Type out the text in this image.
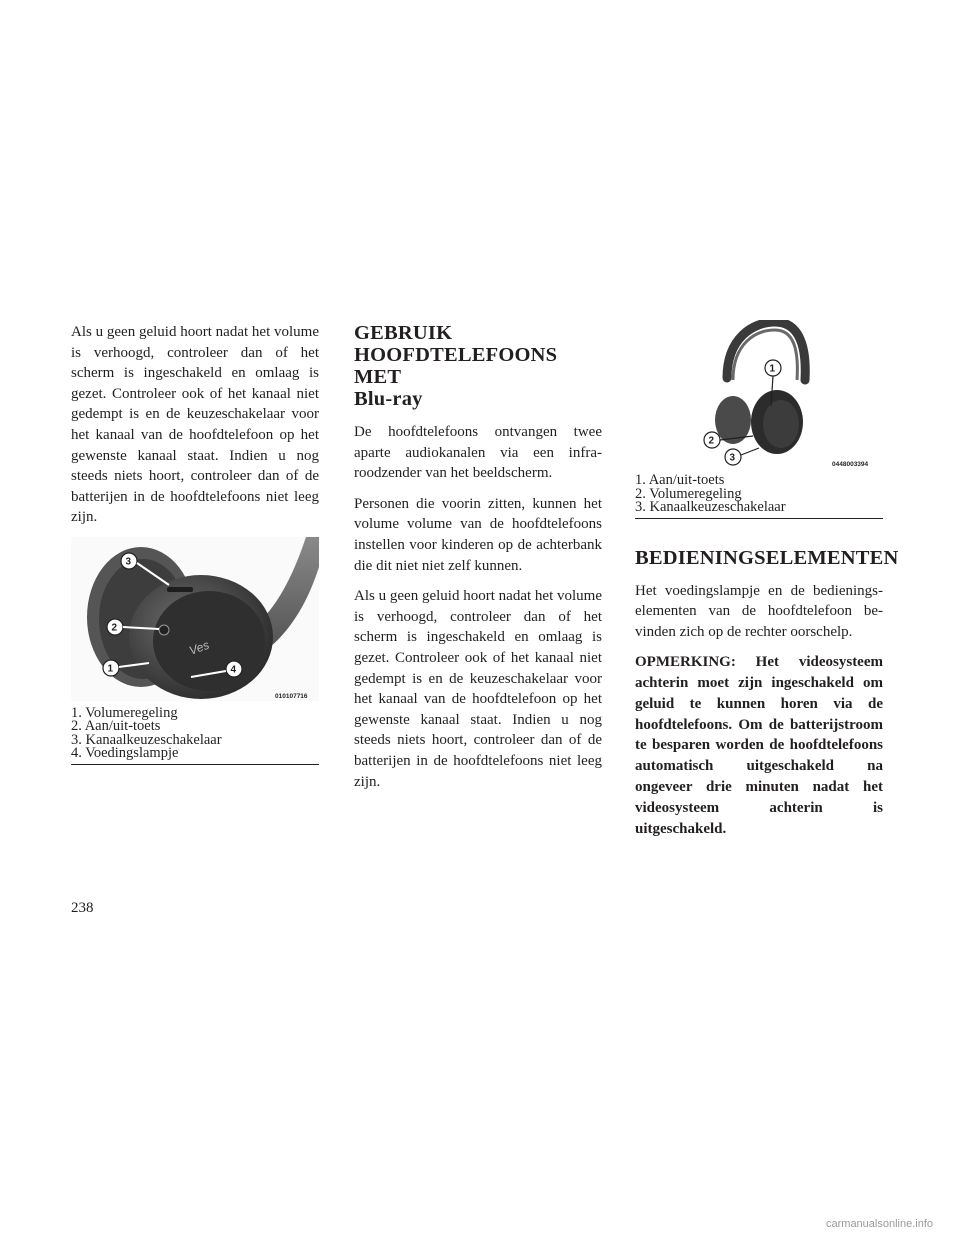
Als u geen geluid hoort nadat het volume is verhoogd, controleer dan of het scherm is ingeschakeld en omlaag is gezet. Controleer ook of het kanaal niet gedempt is en de keuzeschakelaar voor het kanaal van de hoofdtelefoon op het gewenste kanaal staat. Indien u nog steeds niets hoort, controleer dan of de batterijen in de hoofdtelefoons niet leeg zijn.

Ves
3
2
1	4
010107716
1. Volumeregeling
2. Aan/uit-toets
3. Kanaalkeuzeschakelaar
4. Voedingslampje
GEBRUIK
HOOFDTELEFOONS MET
Blu-ray

De hoofdtelefoons ontvangen twee aparte audiokanalen via een infraroodzender van het beeldscherm.

Personen die voorin zitten, kunnen het volume volume van de hoofdtelefoons instellen voor kinderen op de achterbank die dit niet niet zelf kunnen.

Als u geen geluid hoort nadat het volume is verhoogd, controleer dan of het scherm is ingeschakeld en omlaag is gezet. Controleer ook of het kanaal niet gedempt is en de keuzeschakelaar voor het kanaal van de hoofdtelefoon op het gewenste kanaal staat. Indien u nog steeds niets hoort, controleer dan of de batterijen in de hoofdtelefoons niet leeg zijn.

1
2
3
0448003394
1. Aan/uit-toets
2. Volumeregeling
3. Kanaalkeuzeschakelaar
BEDIENINGSELEMENTEN

Het voedingslampje en de bedieningselementen van de hoofdtelefoon bevinden zich op de rechter oorschelp.

OPMERKING: Het videosysteem achterin moet zijn ingeschakeld om geluid te kunnen horen via de hoofdtelefoons. Om de batterijstroom te besparen worden de hoofdtelefoons automatisch uitgeschakeld na ongeveer drie minuten nadat het videosysteem achterin is uitgeschakeld.

238
carmanualsonline.info
